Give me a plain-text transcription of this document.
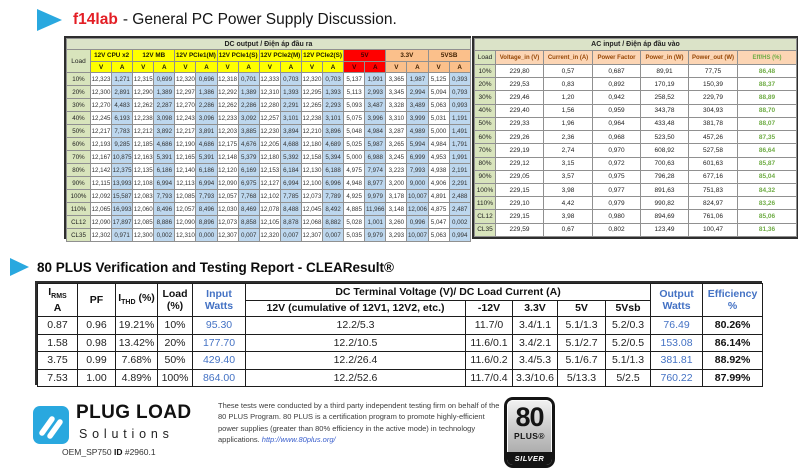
f14lab - General PC Power Supply Discussion.
DC output / Điện áp đầu ra																		
Load	12V CPU x2		12V MB		12V PCIe1(M)		12V PCIe1(S)		12V PCIe2(M)		12V PCIe2(S)		5V		3.3V		5VSB	
	V	A	V	A	V	A	V	A	V	A	V	A	V	A	V	A	V	A
10%	12,323	1,271	12,315	0,699	12,320	0,696	12,318	0,701	12,333	0,703	12,320	0,703	5,137	1,991	3,365	1,987	5,125	0,393
20%	12,300	2,891	12,290	1,389	12,297	1,386	12,292	1,389	12,310	1,393	12,295	1,393	5,113	2,993	3,345	2,994	5,094	0,793
30%	12,270	4,483	12,262	2,287	12,270	2,286	12,262	2,286	12,280	2,291	12,265	2,293	5,093	3,487	3,328	3,489	5,063	0,993
40%	12,245	6,193	12,238	3,098	12,243	3,096	12,233	3,092	12,257	3,101	12,238	3,101	5,075	3,996	3,310	3,999	5,031	1,191
50%	12,217	7,783	12,212	3,892	12,217	3,891	12,203	3,885	12,230	3,894	12,210	3,896	5,048	4,984	3,287	4,989	5,000	1,491
60%	12,193	9,285	12,185	4,686	12,190	4,686	12,175	4,676	12,205	4,688	12,180	4,689	5,025	5,987	3,265	5,994	4,984	1,791
70%	12,167	10,875	12,163	5,391	12,165	5,391	12,148	5,379	12,180	5,392	12,158	5,394	5,000	6,988	3,245	6,999	4,953	1,991
80%	12,142	12,375	12,135	6,186	12,140	6,186	12,120	6,169	12,153	6,184	12,130	6,188	4,975	7,974	3,223	7,993	4,938	2,191
90%	12,115	13,993	12,108	6,994	12,113	6,994	12,090	6,975	12,127	6,994	12,100	6,996	4,948	8,977	3,200	9,000	4,906	2,291
100%	12,092	15,587	12,083	7,793	12,085	7,793	12,057	7,768	12,102	7,785	12,073	7,789	4,925	9,979	3,178	10,007	4,891	2,488
110%	12,065	16,993	12,060	8,496	12,057	8,496	12,030	8,469	12,078	8,488	12,045	8,492	4,885	11,966	3,148	12,006	4,875	2,487
CL12	12,090	17,897	12,085	8,886	12,090	8,896	12,073	8,858	12,105	8,878	12,068	8,882	5,028	1,001	3,260	0,996	5,047	0,002
CL35	12,302	0,971	12,300	0,002	12,310	0,000	12,307	0,007	12,320	0,007	12,307	0,007	5,035	9,979	3,293	10,007	5,063	0,994
AC input / Điện áp đầu vào						
Load	Voltage_in (V)	Current_in (A)	Power Factor	Power_in (W)	Power_out (W)	Eff/HS (%)
10%	229,80	0,57	0,687	89,91	77,75	86,48
20%	229,53	0,83	0,892	170,19	150,39	88,37
30%	229,46	1,20	0,942	258,52	229,79	88,89
40%	229,40	1,56	0,959	343,78	304,93	88,70
50%	229,33	1,96	0,964	433,48	381,78	88,07
60%	229,26	2,36	0,968	523,50	457,26	87,35
70%	229,19	2,74	0,970	608,92	527,58	86,64
80%	229,12	3,15	0,972	700,63	601,63	85,87
90%	229,05	3,57	0,975	796,28	677,16	85,04
100%	229,15	3,98	0,977	891,63	751,83	84,32
110%	229,10	4,42	0,979	990,82	824,97	83,26
CL12	229,15	3,98	0,980	894,69	761,06	85,06
CL35	229,59	0,67	0,802	123,49	100,47	81,36
80 PLUS Verification and Testing Report - CLEAResult®
$I_{RMS}$
A	PF	$I_{THD}$ (%)	Load
(%)	Input
Watts	DC Terminal Voltage (V)/ DC Load Current (A)					Output
Watts	Efficiency
%
					12V (cumulative of 12V1, 12V2, etc.)	-12V	3.3V	5V	5Vsb		
0.87	0.96	19.21%	10%	95.30	12.2/5.3	11.7/0	3.4/1.1	5.1/1.3	5.2/0.3	76.49	80.26%
1.58	0.98	13.42%	20%	177.70	12.2/10.5	11.6/0.1	3.4/2.1	5.1/2.7	5.2/0.5	153.08	86.14%
3.75	0.99	7.68%	50%	429.40	12.2/26.4	11.6/0.2	3.4/5.3	5.1/6.7	5.1/1.3	381.81	88.92%
7.53	1.00	4.89%	100%	864.00	12.2/52.6	11.7/0.4	3.3/10.6	5/13.3	5/2.5	760.22	87.99%
PLUG LOAD
Solutions
OEM_SP750 ID #2960.1
These tests were conducted by a third party independent testing firm on behalf of the 80 PLUS Program. 80 PLUS is a certification program to promote highly-efficient power supplies (greater than 80% efficiency in the active mode) in technology applications. http://www.80plus.org/
80
PLUS®
SILVER
